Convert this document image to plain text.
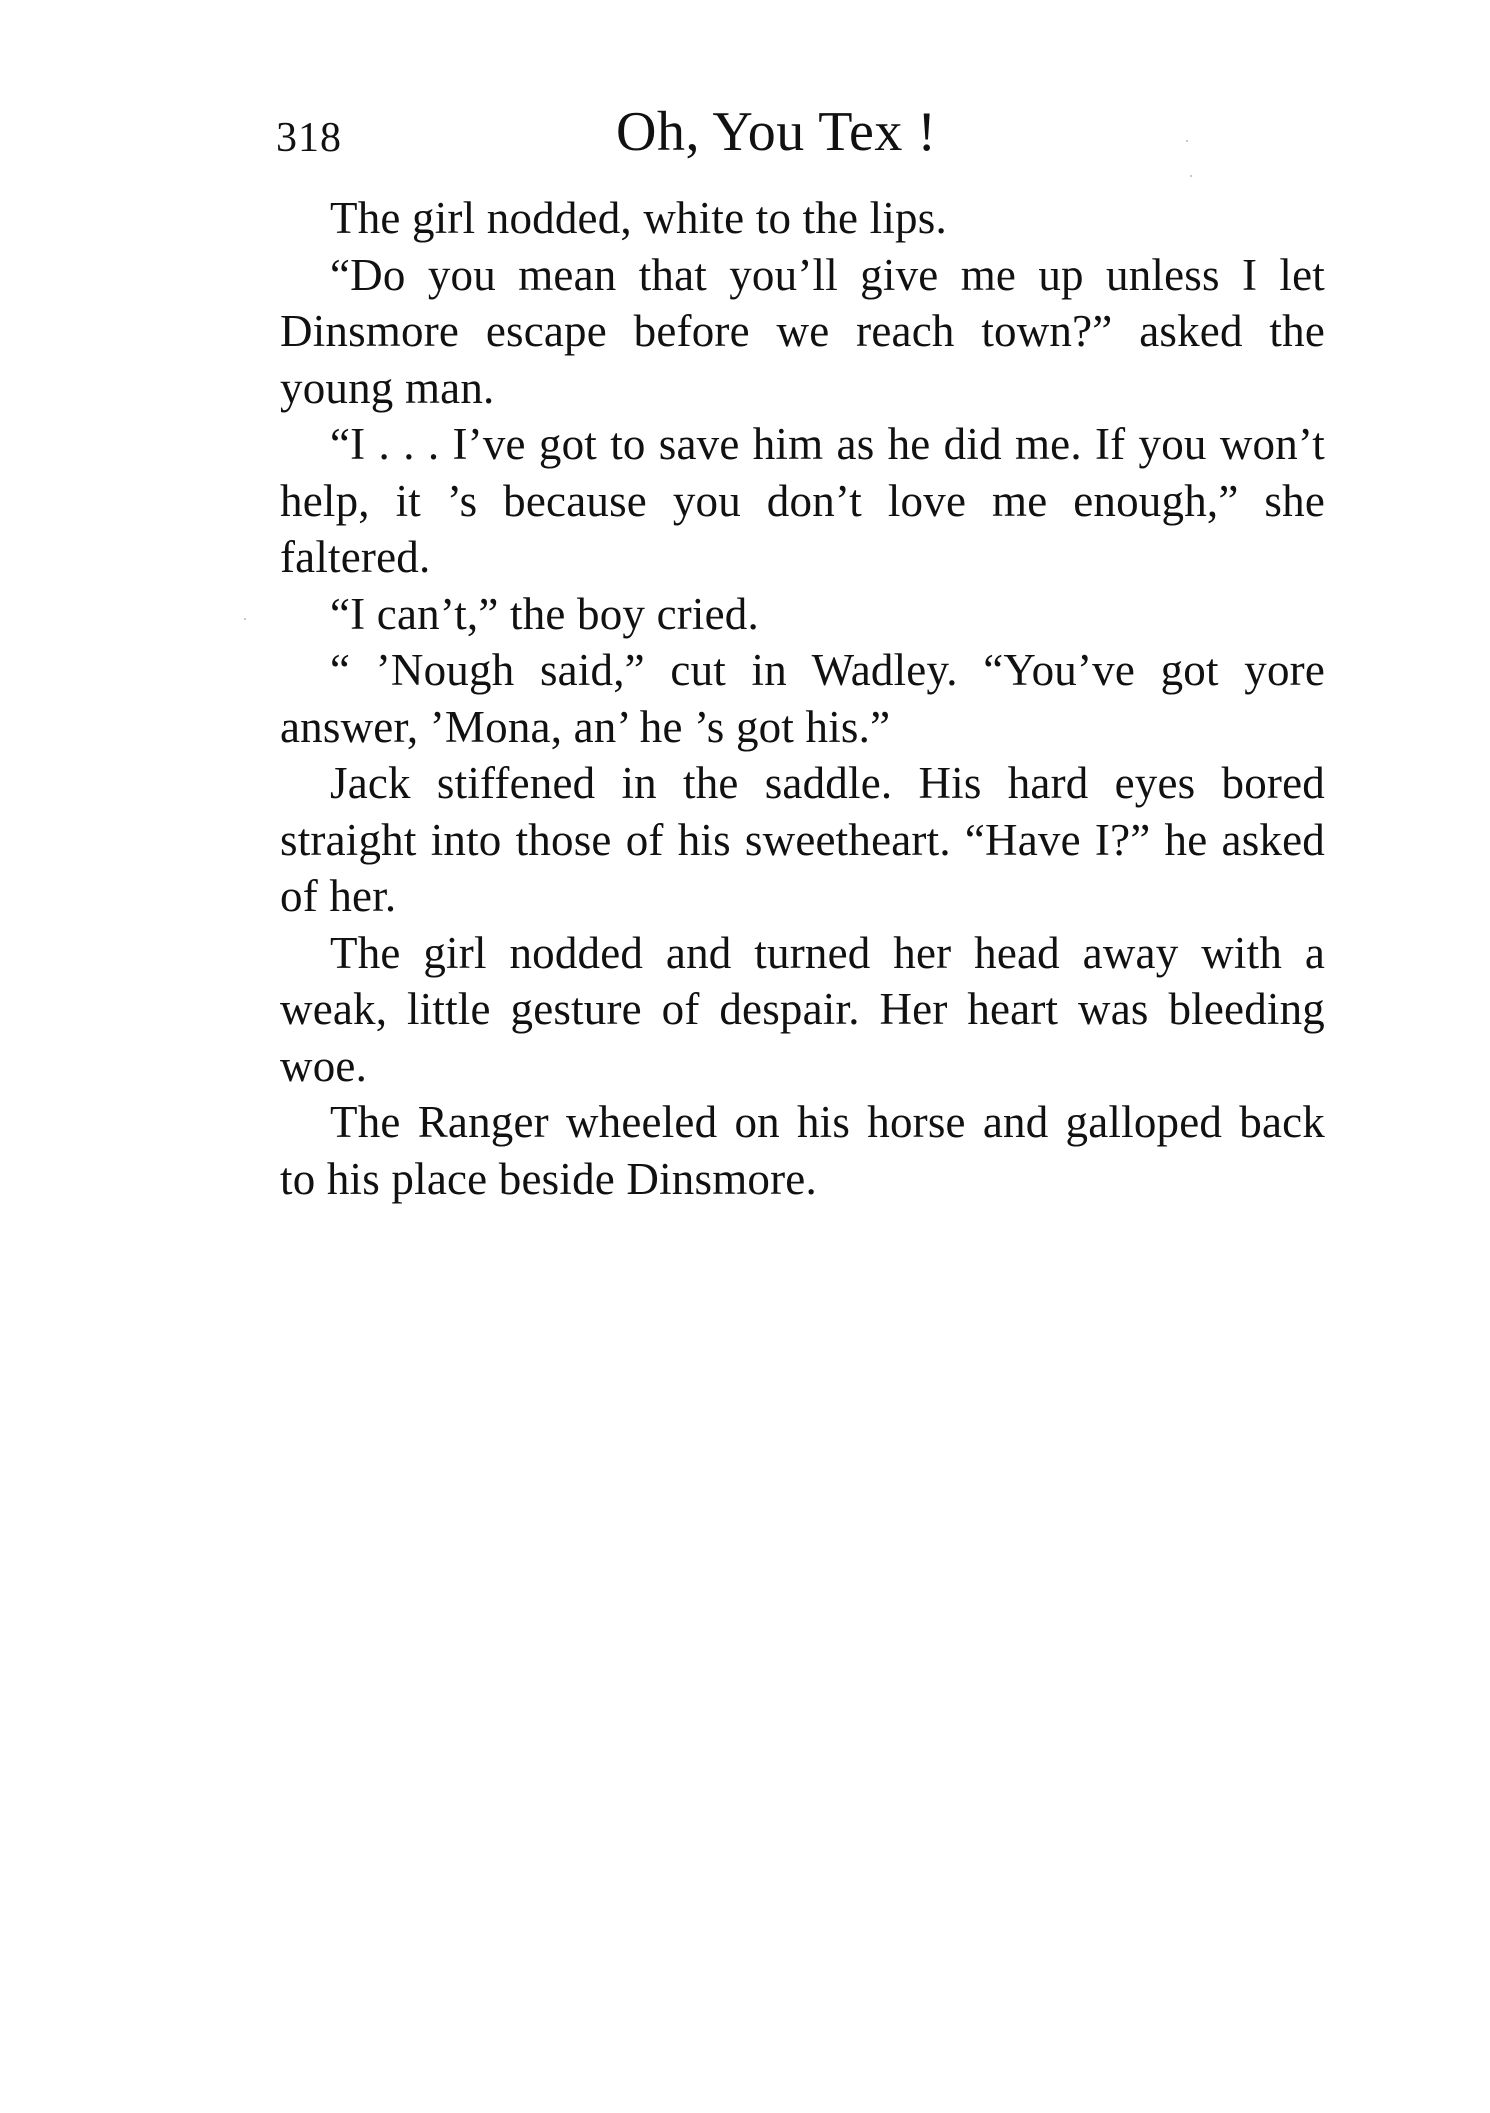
318	Oh, You Tex !

The girl nodded, white to the lips.

“Do you mean that you’ll give me up unless I let Dinsmore escape before we reach town?” asked the young man.

“I . . . I’ve got to save him as he did me. If you won’t help, it ’s because you don’t love me enough,” she faltered.

“I can’t,” the boy cried.

“ ’Nough said,” cut in Wadley. “You’ve got yore answer, ’Mona, an’ he ’s got his.”

Jack stiffened in the saddle. His hard eyes bored straight into those of his sweetheart. “Have I?” he asked of her.

The girl nodded and turned her head away with a weak, little gesture of despair. Her heart was bleeding woe.

The Ranger wheeled on his horse and galloped back to his place beside Dinsmore.
